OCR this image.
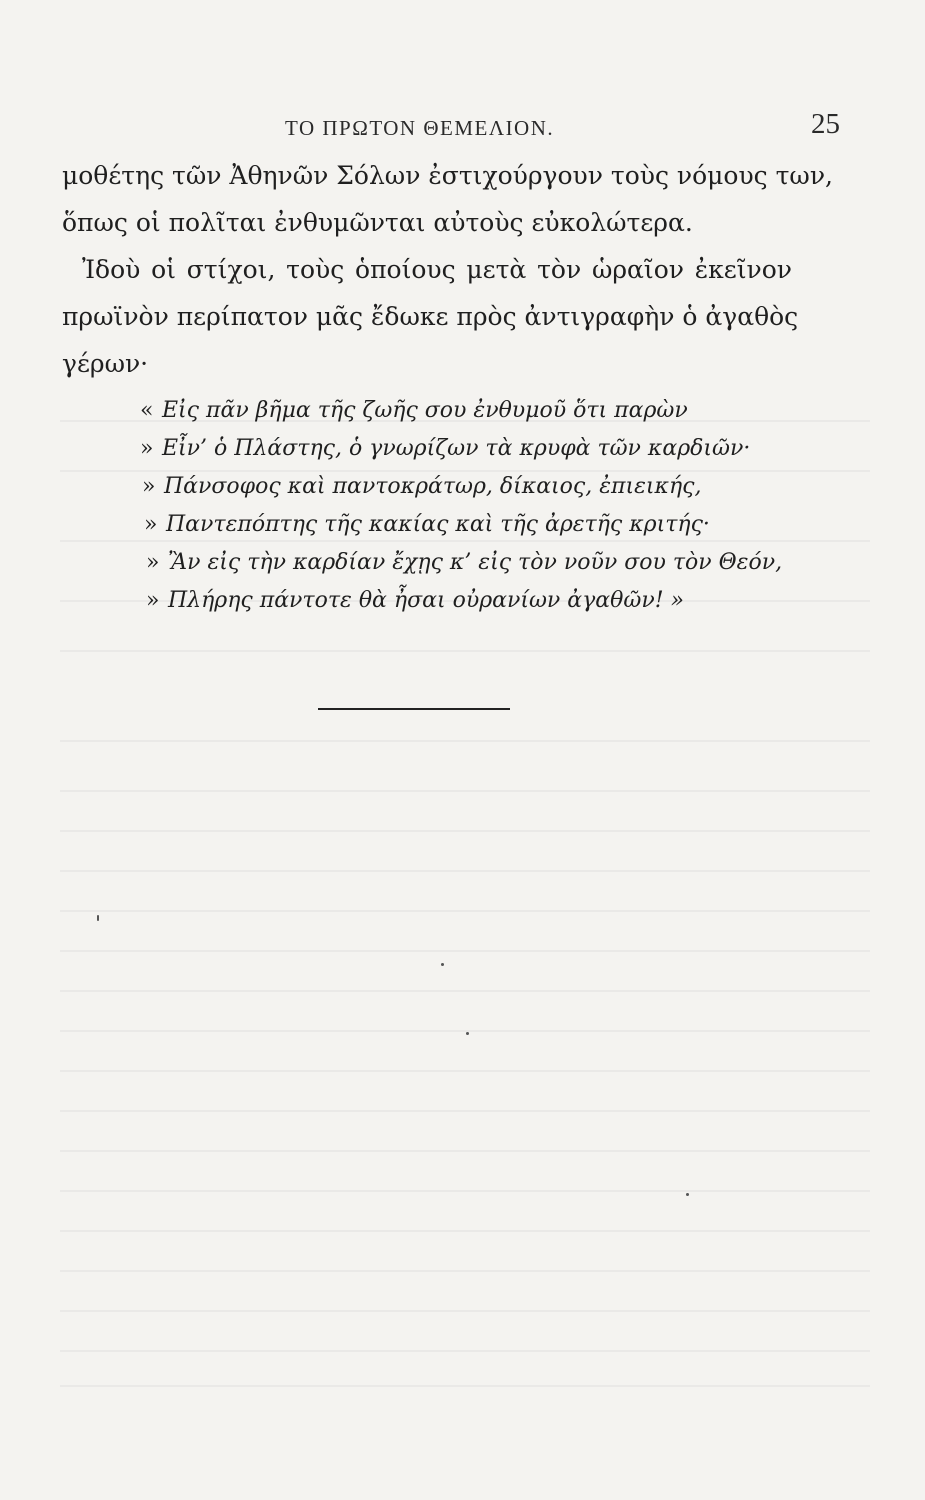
ΤΟ ΠΡΩΤΟΝ ΘΕΜΕΛΙΟΝ.	25
μοθέτης τῶν Ἀθηνῶν Σόλων ἐστιχούργουν τοὺς νόμους των,
ὅπως οἱ πολῖται ἐνθυμῶνται αὐτοὺς εὐκολώτερα.
Ἰδοὺ οἱ στίχοι, τοὺς ὁποίους μετὰ τὸν ὡραῖον ἐκεῖνον
πρωϊνὸν περίπατον μᾶς ἔδωκε πρὸς ἀντιγραφὴν ὁ ἀγαθὸς
γέρων·
« Εἰς πᾶν βῆμα τῆς ζωῆς σου ἐνθυμοῦ ὅτι παρὼν
» Εἶν’ ὁ Πλάστης, ὁ γνωρίζων τὰ κρυφὰ τῶν καρδιῶν·
» Πάνσοφος καὶ παντοκράτωρ, δίκαιος, ἐπιεικής,
» Παντεπόπτης τῆς κακίας καὶ τῆς ἀρετῆς κριτής·
» Ἂν εἰς τὴν καρδίαν ἔχῃς κ’ εἰς τὸν νοῦν σου τὸν Θεόν,
» Πλήρης πάντοτε θὰ ἦσαι οὐρανίων ἀγαθῶν! »
